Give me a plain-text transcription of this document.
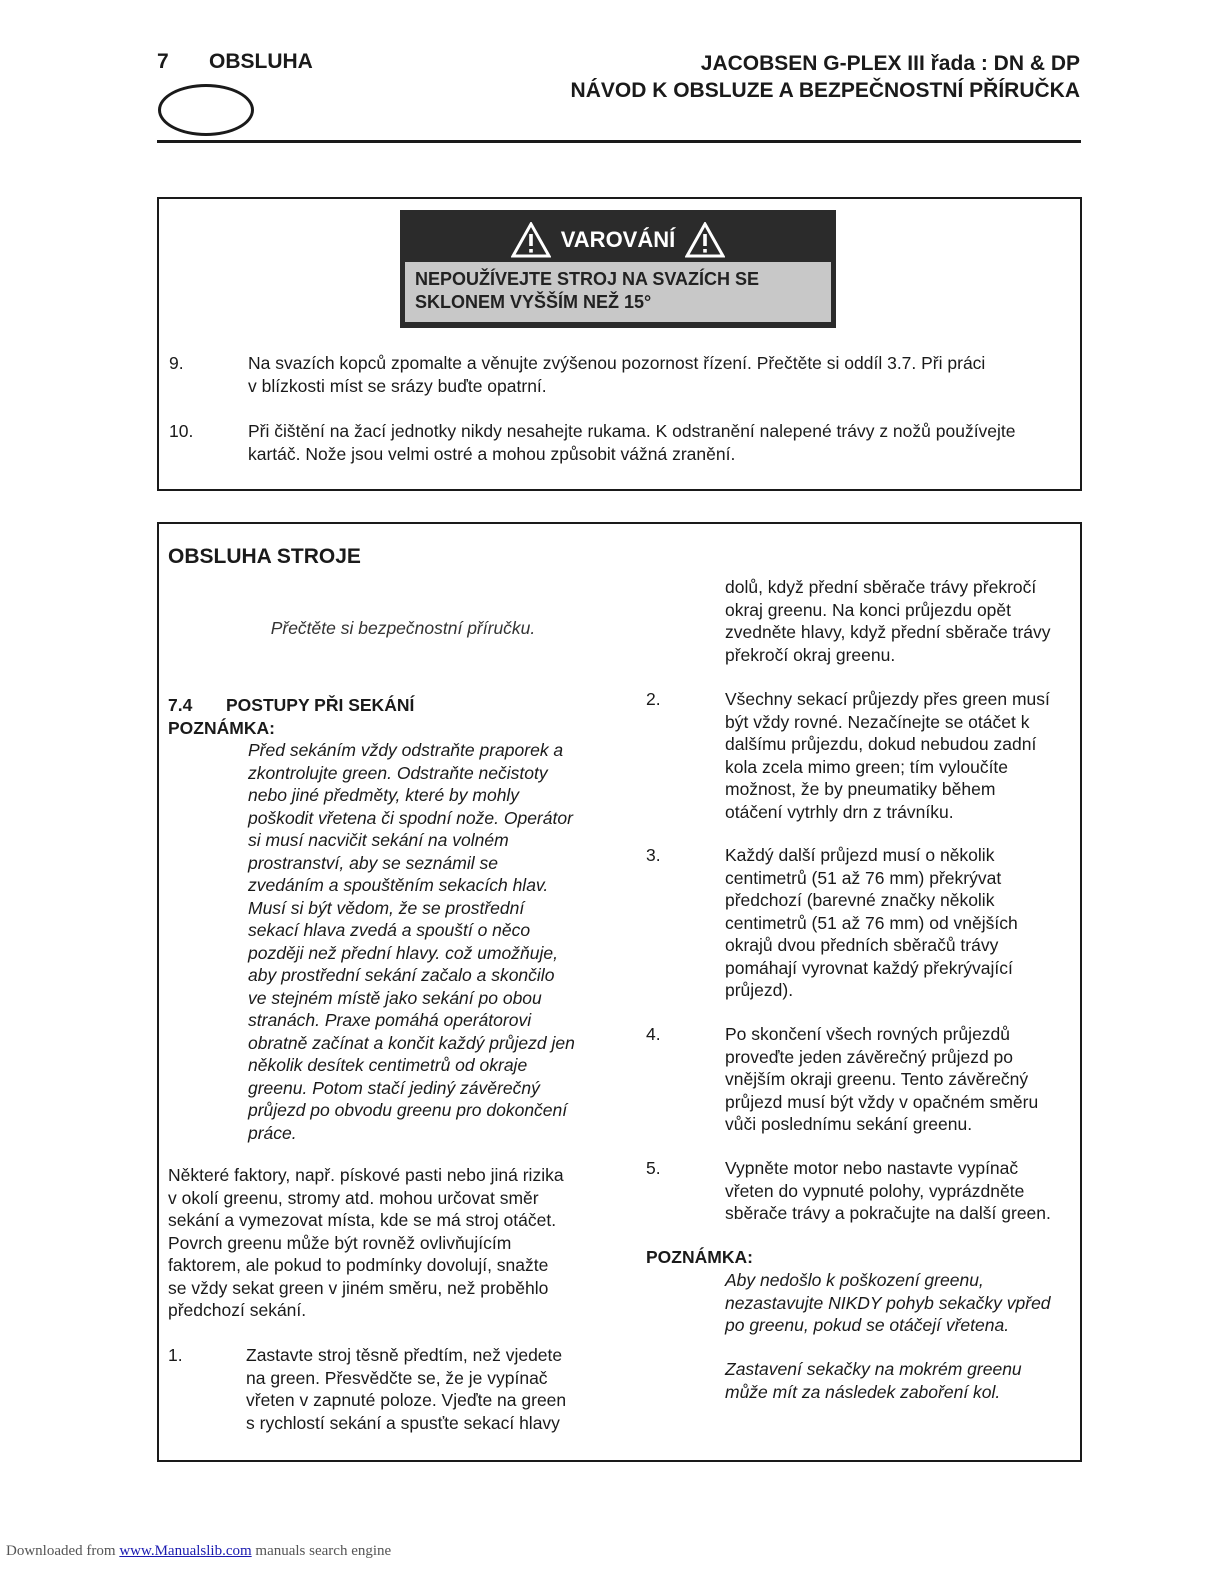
7 OBSLUHA	JACOBSEN G-PLEX III řada : DN & DP
NÁVOD K OBSLUZE A BEZPEČNOSTNÍ PŘÍRUČKA
VAROVÁNÍ
NEPOUŽÍVEJTE STROJ NA SVAZÍCH SE
SKLONEM VYŠŠÍM NEŽ 15°
9.	Na svazích kopců zpomalte a věnujte zvýšenou pozornost řízení. Přečtěte si oddíl 3.7. Při práci
v blízkosti míst se srázy buďte opatrní.
10.	Při čištění na žací jednotky nikdy nesahejte rukama. K odstranění nalepené trávy z nožů používejte
kartáč. Nože jsou velmi ostré a mohou způsobit vážná zranění.
OBSLUHA STROJE
Přečtěte si bezpečnostní příručku.
7.4 POSTUPY PŘI SEKÁNÍ
POZNÁMKA:
Před sekáním vždy odstraňte praporek a
zkontrolujte green. Odstraňte nečistoty
nebo jiné předměty, které by mohly
poškodit vřetena či spodní nože. Operátor
si musí nacvičit sekání na volném
prostranství, aby se seznámil se
zvedáním a spouštěním sekacích hlav.
Musí si být vědom, že se prostřední
sekací hlava zvedá a spouští o něco
později než přední hlavy. což umožňuje,
aby prostřední sekání začalo a skončilo
ve stejném místě jako sekání po obou
stranách. Praxe pomáhá operátorovi
obratně začínat a končit každý průjezd jen
několik desítek centimetrů od okraje
greenu. Potom stačí jediný závěrečný
průjezd po obvodu greenu pro dokončení
práce.
Některé faktory, např. pískové pasti nebo jiná rizika
v okolí greenu, stromy atd. mohou určovat směr
sekání a vymezovat místa, kde se má stroj otáčet.
Povrch greenu může být rovněž ovlivňujícím
faktorem, ale pokud to podmínky dovolují, snažte
se vždy sekat green v jiném směru, než proběhlo
předchozí sekání.
1.	Zastavte stroj těsně předtím, než vjedete
na green. Přesvědčte se, že je vypínač
vřeten v zapnuté poloze. Vjeďte na green
s rychlostí sekání a spusťte sekací hlavy
dolů, když přední sběrače trávy překročí
okraj greenu. Na konci průjezdu opět
zvedněte hlavy, když přední sběrače trávy
překročí okraj greenu.
2.	Všechny sekací průjezdy přes green musí
být vždy rovné. Nezačínejte se otáčet k
dalšímu průjezdu, dokud nebudou zadní
kola zcela mimo green; tím vyloučíte
možnost, že by pneumatiky během
otáčení vytrhly drn z trávníku.
3.	Každý další průjezd musí o několik
centimetrů (51 až 76 mm) překrývat
předchozí (barevné značky několik
centimetrů (51 až 76 mm) od vnějších
okrajů dvou předních sběračů trávy
pomáhají vyrovnat každý překrývající
průjezd).
4.	Po skončení všech rovných průjezdů
proveďte jeden závěrečný průjezd po
vnějším okraji greenu. Tento závěrečný
průjezd musí být vždy v opačném směru
vůči poslednímu sekání greenu.
5.	Vypněte motor nebo nastavte vypínač
vřeten do vypnuté polohy, vyprázdněte
sběrače trávy a pokračujte na další green.
POZNÁMKA:
Aby nedošlo k poškození greenu,
nezastavujte NIKDY pohyb sekačky vpřed
po greenu, pokud se otáčejí vřetena.
Zastavení sekačky na mokrém greenu
může mít za následek zaboření kol.
Downloaded from www.Manualslib.com manuals search engine
